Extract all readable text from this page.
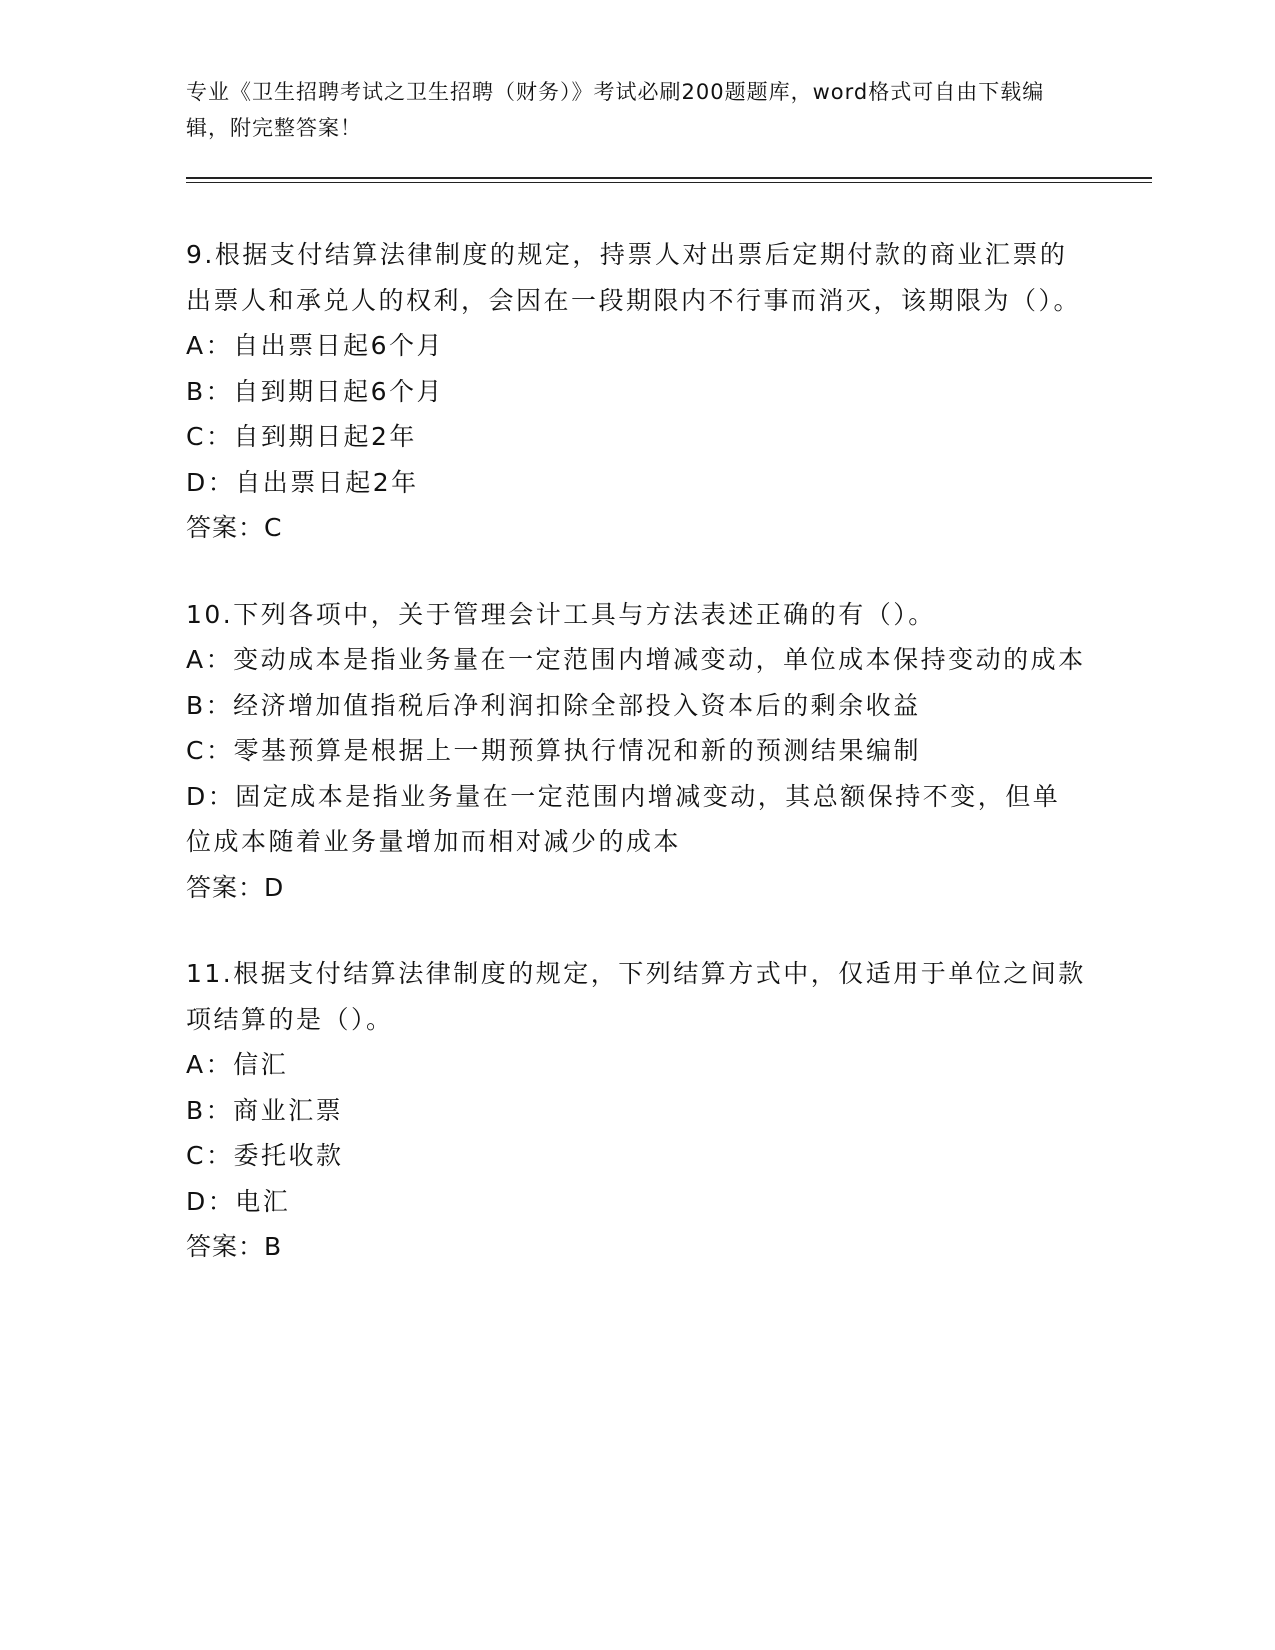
专业《卫生招聘考试之卫生招聘（财务）》考试必刷200题题库，word格式可自由下载编辑，附完整答案！

9.根据支付结算法律制度的规定，持票人对出票后定期付款的商业汇票的出票人和承兑人的权利，会因在一段期限内不行事而消灭，该期限为（）。

A：自出票日起6个月

B：自到期日起6个月

C：自到期日起2年

D：自出票日起2年

答案：C

10.下列各项中，关于管理会计工具与方法表述正确的有（）。

A：变动成本是指业务量在一定范围内增减变动，单位成本保持变动的成本

B：经济增加值指税后净利润扣除全部投入资本后的剩余收益

C：零基预算是根据上一期预算执行情况和新的预测结果编制

D：固定成本是指业务量在一定范围内增减变动，其总额保持不变，但单位成本随着业务量增加而相对减少的成本

答案：D

11.根据支付结算法律制度的规定，下列结算方式中，仅适用于单位之间款项结算的是（）。

A：信汇

B：商业汇票

C：委托收款

D：电汇

答案：B
